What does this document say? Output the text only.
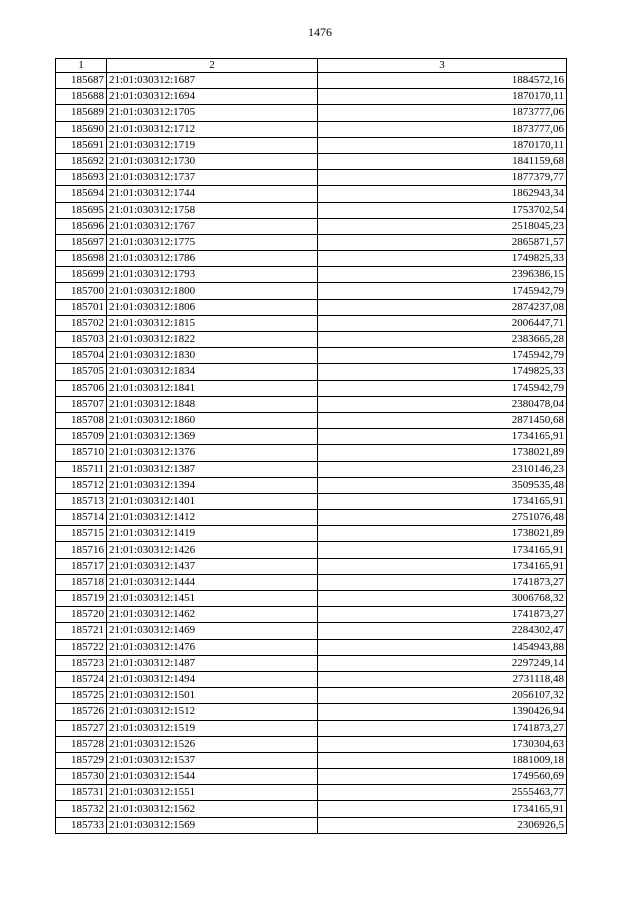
1476
1	2	3
185687	21:01:030312:1687	1884572,16
185688	21:01:030312:1694	1870170,11
185689	21:01:030312:1705	1873777,06
185690	21:01:030312:1712	1873777,06
185691	21:01:030312:1719	1870170,11
185692	21:01:030312:1730	1841159,68
185693	21:01:030312:1737	1877379,77
185694	21:01:030312:1744	1862943,34
185695	21:01:030312:1758	1753702,54
185696	21:01:030312:1767	2518045,23
185697	21:01:030312:1775	2865871,57
185698	21:01:030312:1786	1749825,33
185699	21:01:030312:1793	2396386,15
185700	21:01:030312:1800	1745942,79
185701	21:01:030312:1806	2874237,08
185702	21:01:030312:1815	2006447,71
185703	21:01:030312:1822	2383665,28
185704	21:01:030312:1830	1745942,79
185705	21:01:030312:1834	1749825,33
185706	21:01:030312:1841	1745942,79
185707	21:01:030312:1848	2380478,04
185708	21:01:030312:1860	2871450,68
185709	21:01:030312:1369	1734165,91
185710	21:01:030312:1376	1738021,89
185711	21:01:030312:1387	2310146,23
185712	21:01:030312:1394	3509535,48
185713	21:01:030312:1401	1734165,91
185714	21:01:030312:1412	2751076,48
185715	21:01:030312:1419	1738021,89
185716	21:01:030312:1426	1734165,91
185717	21:01:030312:1437	1734165,91
185718	21:01:030312:1444	1741873,27
185719	21:01:030312:1451	3006768,32
185720	21:01:030312:1462	1741873,27
185721	21:01:030312:1469	2284302,47
185722	21:01:030312:1476	1454943,88
185723	21:01:030312:1487	2297249,14
185724	21:01:030312:1494	2731118,48
185725	21:01:030312:1501	2056107,32
185726	21:01:030312:1512	1390426,94
185727	21:01:030312:1519	1741873,27
185728	21:01:030312:1526	1730304,63
185729	21:01:030312:1537	1881009,18
185730	21:01:030312:1544	1749560,69
185731	21:01:030312:1551	2555463,77
185732	21:01:030312:1562	1734165,91
185733	21:01:030312:1569	2306926,5
